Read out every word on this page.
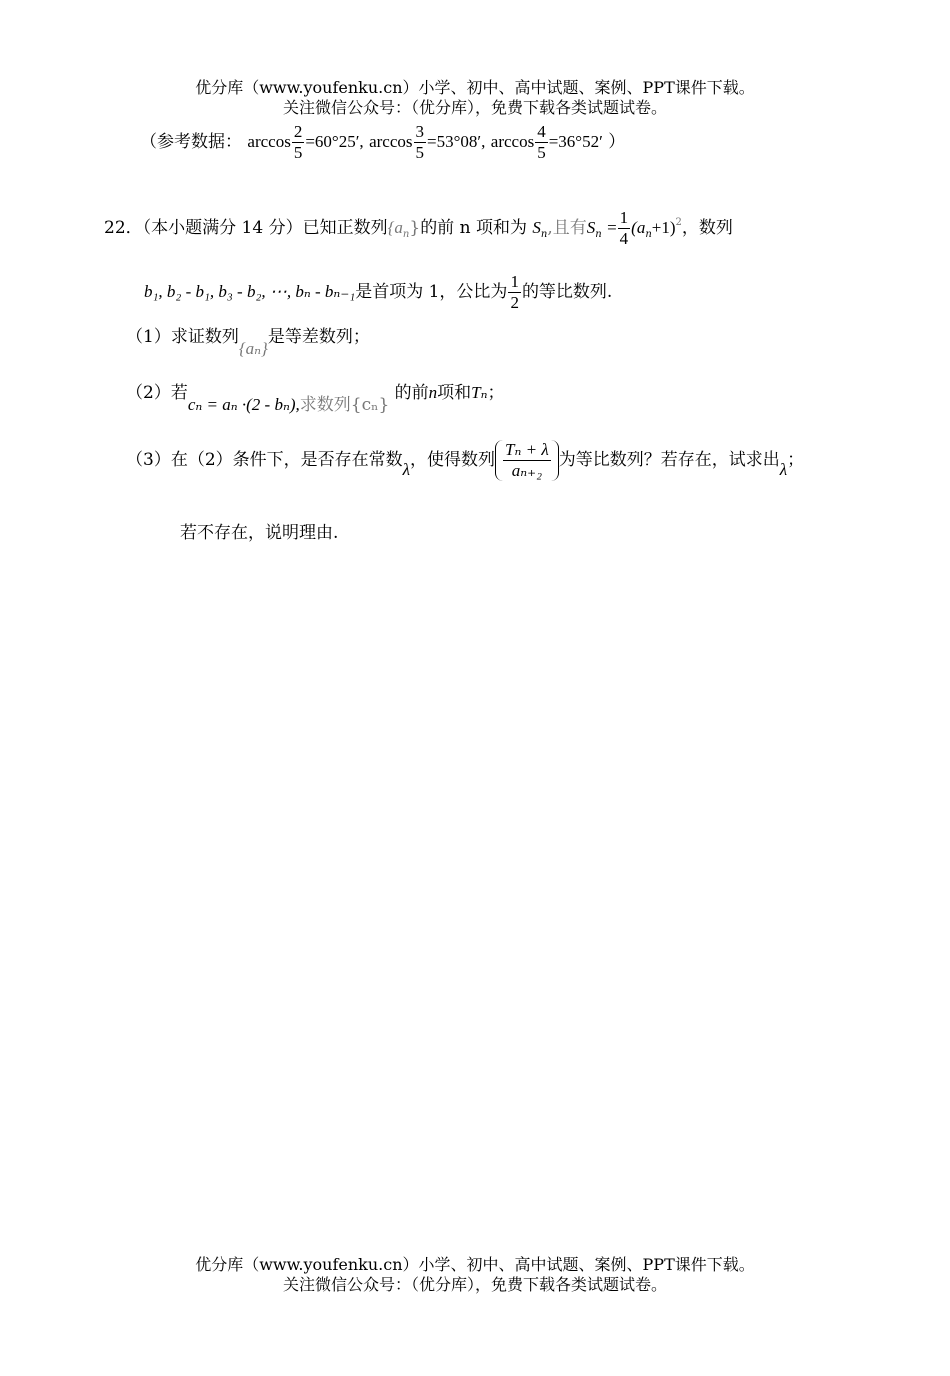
优分库（www.youfenku.cn）小学、初中、高中试题、案例、PPT课件下载。
关注微信公众号：（优分库），免费下载各类试题试卷。
（参考数据： $\arccos \frac{2}{5} =60^\circ 25'$, $\arccos \frac{3}{5} =53^\circ 08'$, $\arccos \frac{4}{5} =36^\circ 52'$ ）
22．（本小题满分 14 分）已知正数列$\{a_n\}$的前 n 项和为 $S_n$,且有$S_n = \frac{1}{4} (a_n+1)^2$，数列
b₁, b₂ - b₁, b₃ - b₂, ⋯, bₙ - bₙ₋₁是首项为 1，公比为 $\frac{1}{2}$ 的等比数列.
（1）求证数列{aₙ}是等差数列；
（2）若cₙ = aₙ ·(2 - bₙ),求数列{cₙ} 的前n项和Tₙ；
（3）在（2）条件下，是否存在常数λ，使得数列 $\frac{\text{Tₙ + λ}}{\text{aₙ₊₂}}$ 为等比数列？若存在，试求出λ；
若不存在，说明理由.
优分库（www.youfenku.cn）小学、初中、高中试题、案例、PPT课件下载。
关注微信公众号：（优分库），免费下载各类试题试卷。
